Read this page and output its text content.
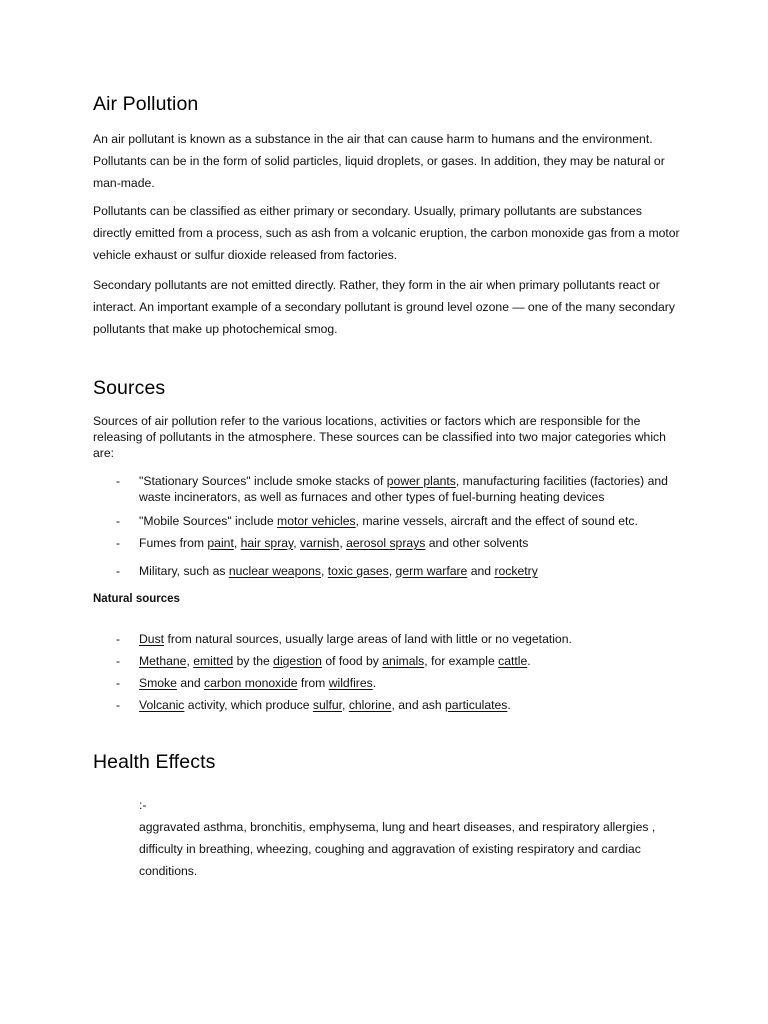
Air Pollution

An air pollutant is known as a substance in the air that can cause harm to humans and the environment. Pollutants can be in the form of solid particles, liquid droplets, or gases. In addition, they may be natural or man-made.

Pollutants can be classified as either primary or secondary. Usually, primary pollutants are substances directly emitted from a process, such as ash from a volcanic eruption, the carbon monoxide gas from a motor vehicle exhaust or sulfur dioxide released from factories.

Secondary pollutants are not emitted directly. Rather, they form in the air when primary pollutants react or interact. An important example of a secondary pollutant is ground level ozone — one of the many secondary pollutants that make up photochemical smog.

Sources

Sources of air pollution refer to the various locations, activities or factors which are responsible for the releasing of pollutants in the atmosphere. These sources can be classified into two major categories which are:

- "Stationary Sources" include smoke stacks of power plants, manufacturing facilities (factories) and waste incinerators, as well as furnaces and other types of fuel-burning heating devices
- "Mobile Sources" include motor vehicles, marine vessels, aircraft and the effect of sound etc.
- Fumes from paint, hair spray, varnish, aerosol sprays and other solvents
- Military, such as nuclear weapons, toxic gases, germ warfare and rocketry
Natural sources
- Dust from natural sources, usually large areas of land with little or no vegetation.
- Methane, emitted by the digestion of food by animals, for example cattle.
- Smoke and carbon monoxide from wildfires.
- Volcanic activity, which produce sulfur, chlorine, and ash particulates.
Health Effects
:-
aggravated asthma, bronchitis, emphysema, lung and heart diseases, and respiratory allergies , difficulty in breathing, wheezing, coughing and aggravation of existing respiratory and cardiac conditions.
